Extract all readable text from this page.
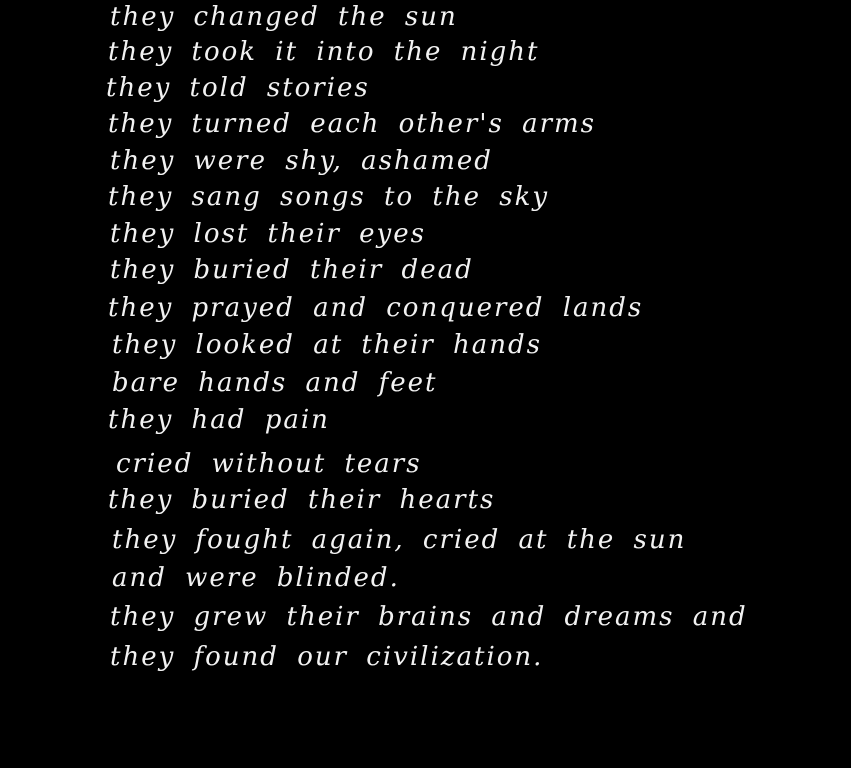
they changed the sun
they took it into the night
they told stories
they turned each other's arms
they were shy, ashamed
they sang songs to the sky
they lost their eyes
they buried their dead
they prayed and conquered lands
they looked at their hands
bare hands and feet
they had pain
cried without tears
they buried their hearts
they fought again, cried at the sun
and were blinded.
they grew their brains and dreams and
they found our civilization.
